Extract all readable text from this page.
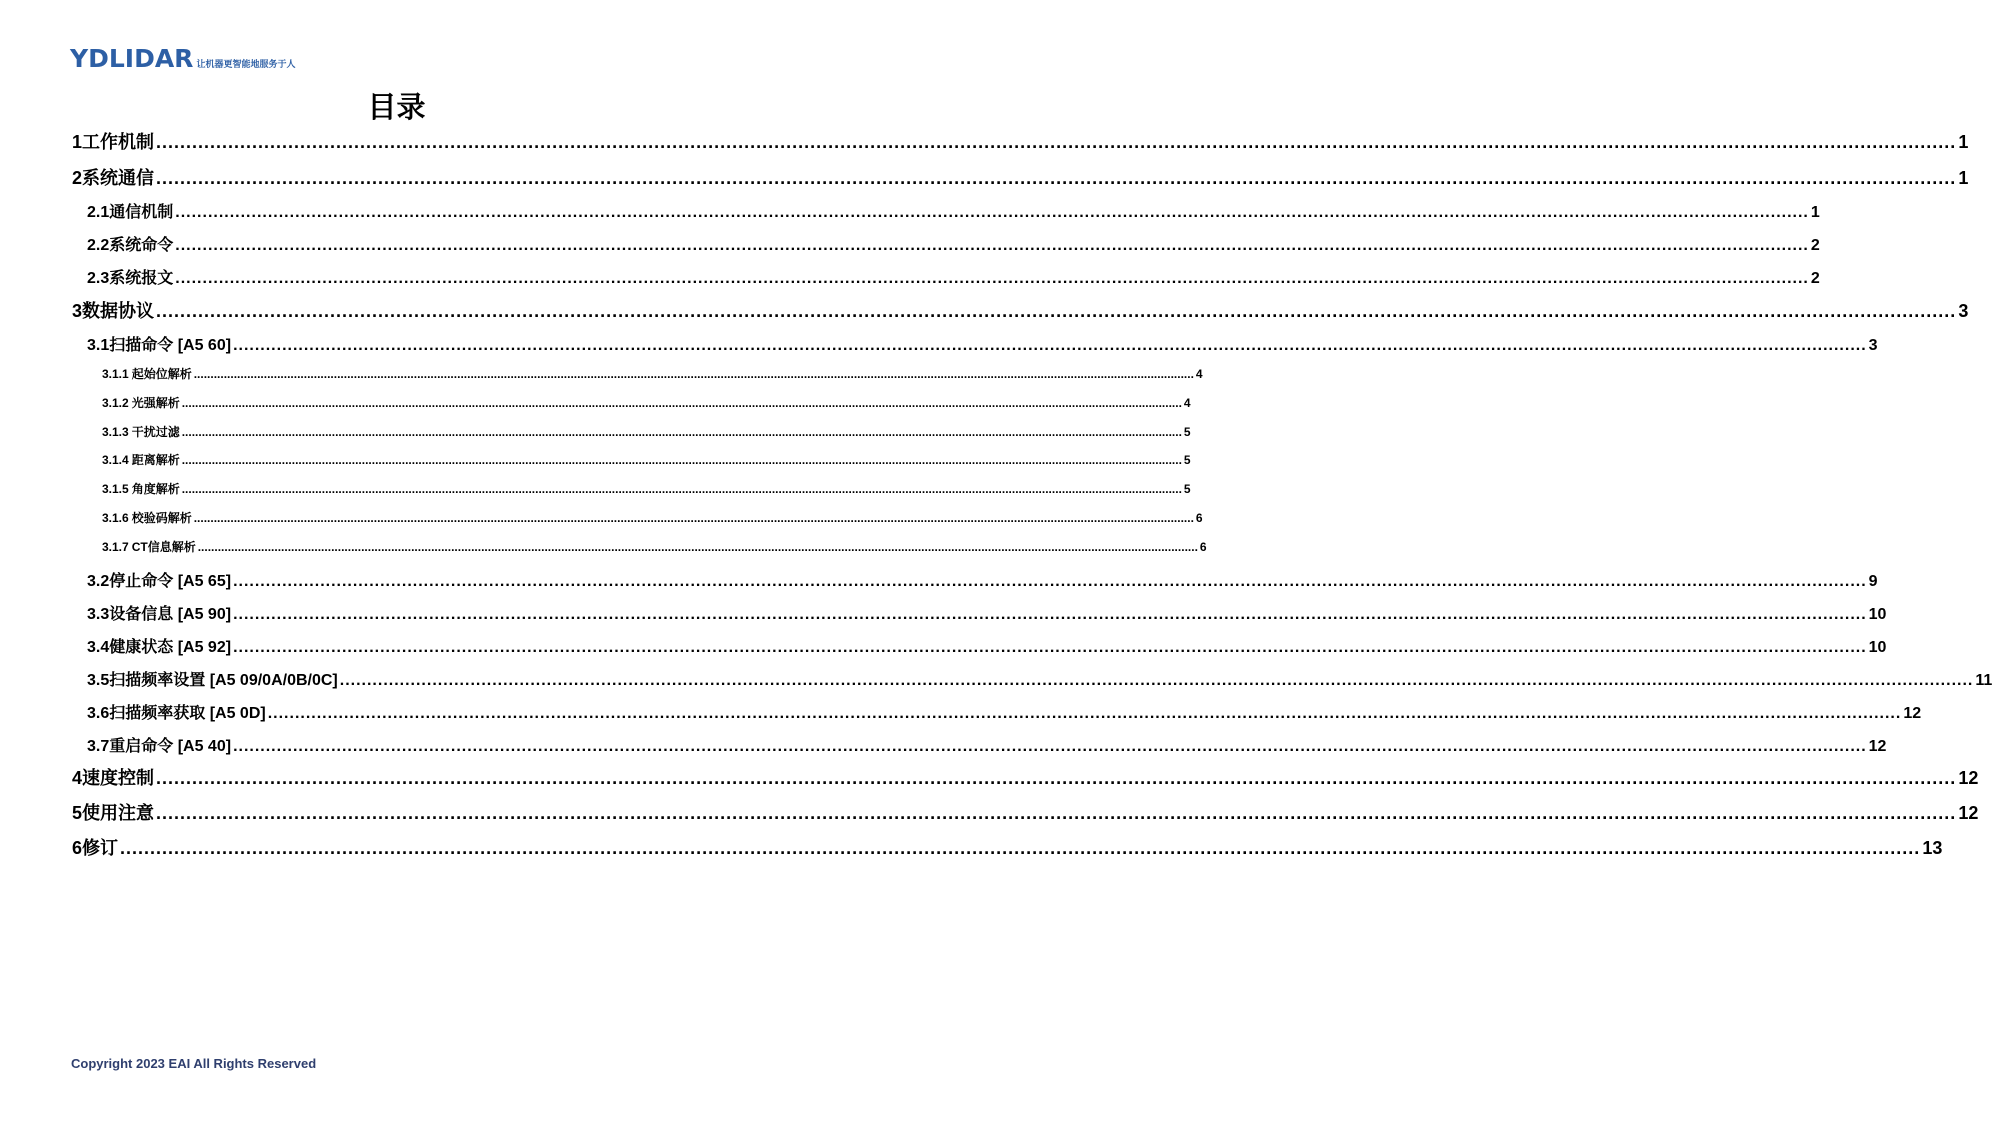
YDLIDAR 让机器更智能地服务于人
目录
1 工作机制 ............................................................................................................................................................................................................................................................................................................ 1
2 系统通信 ............................................................................................................................................................................................................................................................................................................ 1
2.1 通信机制 ............................................................................................................................................................................................................................................................................................................ 1
2.2 系统命令 ............................................................................................................................................................................................................................................................................................................ 2
2.3 系统报文 ............................................................................................................................................................................................................................................................................................................ 2
3 数据协议 ............................................................................................................................................................................................................................................................................................................ 3
3.1 扫描命令 [A5 60] ............................................................................................................................................................................................................................................................................................................ 3
3.1.1 起始位解析 ............................................................................................................................................................................................................................................................................................................ 4
3.1.2 光强解析 ............................................................................................................................................................................................................................................................................................................ 4
3.1.3 干扰过滤 ............................................................................................................................................................................................................................................................................................................ 5
3.1.4 距离解析 ............................................................................................................................................................................................................................................................................................................ 5
3.1.5 角度解析 ............................................................................................................................................................................................................................................................................................................ 5
3.1.6 校验码解析 ............................................................................................................................................................................................................................................................................................................ 6
3.1.7 CT信息解析 ............................................................................................................................................................................................................................................................................................................ 6
3.2 停止命令 [A5 65] ............................................................................................................................................................................................................................................................................................................ 9
3.3 设备信息 [A5 90] ............................................................................................................................................................................................................................................................................................................ 10
3.4 健康状态 [A5 92] ............................................................................................................................................................................................................................................................................................................ 10
3.5 扫描频率设置 [A5 09/0A/0B/0C] ............................................................................................................................................................................................................................................................................................................ 11
3.6 扫描频率获取 [A5 0D] ............................................................................................................................................................................................................................................................................................................ 12
3.7 重启命令 [A5 40] ............................................................................................................................................................................................................................................................................................................ 12
4 速度控制 ............................................................................................................................................................................................................................................................................................................ 12
5 使用注意 ............................................................................................................................................................................................................................................................................................................ 12
6 修订 ............................................................................................................................................................................................................................................................................................................ 13
Copyright 2023 EAI All Rights Reserved
